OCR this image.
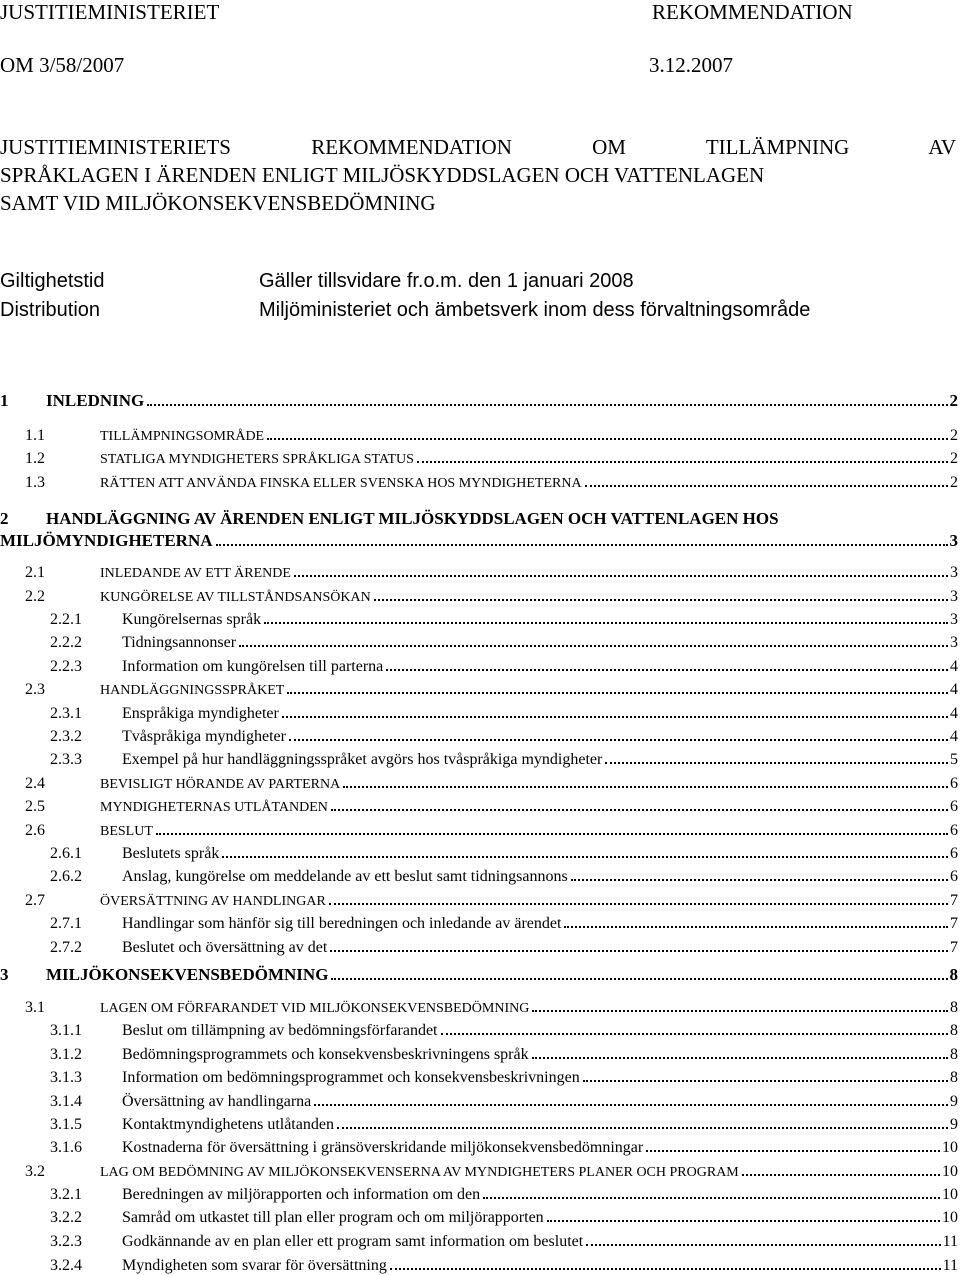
JUSTITIEMINISTERIET	REKOMMENDATION
OM 3/58/2007	3.12.2007
JUSTITIEMINISTERIETS	REKOMMENDATION	OM	TILLÄMPNING	AV
SPRÅKLAGEN I ÄRENDEN ENLIGT MILJÖSKYDDSLAGEN OCH VATTENLAGEN
SAMT VID MILJÖKONSEKVENSBEDÖMNING
Giltighetstid	Gäller tillsvidare fr.o.m. den 1 januari 2008
Distribution	Miljöministeriet och ämbetsverk inom dess förvaltningsområde
1	INLEDNING	2
1.1	TILLÄMPNINGSOMRÅDE	2
1.2	STATLIGA MYNDIGHETERS SPRÅKLIGA STATUS	2
1.3	RÄTTEN ATT ANVÄNDA FINSKA ELLER SVENSKA HOS MYNDIGHETERNA	2
2	HANDLÄGGNING AV ÄRENDEN ENLIGT MILJÖSKYDDSLAGEN OCH VATTENLAGEN HOS
MILJÖMYNDIGHETERNA	3
2.1	INLEDANDE AV ETT ÄRENDE	3
2.2	KUNGÖRELSE AV TILLSTÅNDSANSÖKAN	3
2.2.1	Kungörelsernas språk	3
2.2.2	Tidningsannonser	3
2.2.3	Information om kungörelsen till parterna	4
2.3	HANDLÄGGNINGSSPRÅKET	4
2.3.1	Enspråkiga myndigheter	4
2.3.2	Tvåspråkiga myndigheter	4
2.3.3	Exempel på hur handläggningsspråket avgörs hos tvåspråkiga myndigheter	5
2.4	BEVISLIGT HÖRANDE AV PARTERNA	6
2.5	MYNDIGHETERNAS UTLÅTANDEN	6
2.6	BESLUT	6
2.6.1	Beslutets språk	6
2.6.2	Anslag, kungörelse om meddelande av ett beslut samt tidningsannons	6
2.7	ÖVERSÄTTNING AV HANDLINGAR	7
2.7.1	Handlingar som hänför sig till beredningen och inledande av ärendet	7
2.7.2	Beslutet och översättning av det	7
3	MILJÖKONSEKVENSBEDÖMNING	8
3.1	LAGEN OM FÖRFARANDET VID MILJÖKONSEKVENSBEDÖMNING	8
3.1.1	Beslut om tillämpning av bedömningsförfarandet	8
3.1.2	Bedömningsprogrammets och konsekvensbeskrivningens språk	8
3.1.3	Information om bedömningsprogrammet och konsekvensbeskrivningen	8
3.1.4	Översättning av handlingarna	9
3.1.5	Kontaktmyndighetens utlåtanden	9
3.1.6	Kostnaderna för översättning i gränsöverskridande miljökonsekvensbedömningar	10
3.2	LAG OM BEDÖMNING AV MILJÖKONSEKVENSERNA AV MYNDIGHETERS PLANER OCH PROGRAM	10
3.2.1	Beredningen av miljörapporten och information om den	10
3.2.2	Samråd om utkastet till plan eller program och om miljörapporten	10
3.2.3	Godkännande av en plan eller ett program samt information om beslutet	11
3.2.4	Myndigheten som svarar för översättning	11
